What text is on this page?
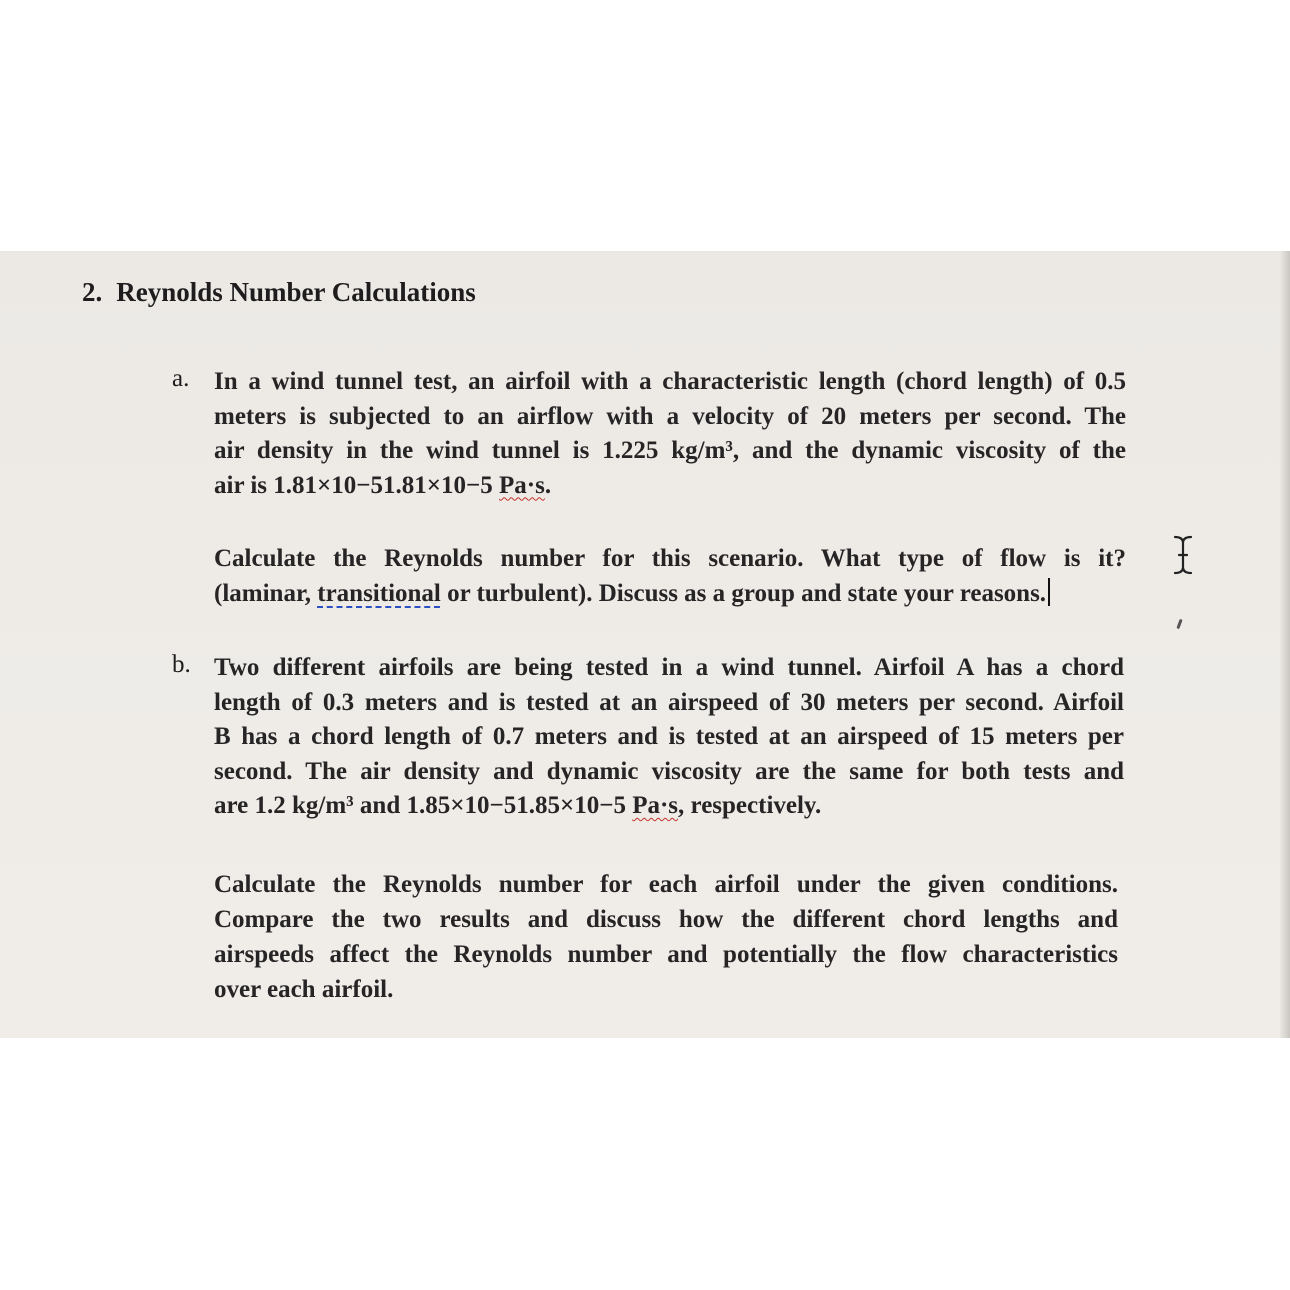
2. Reynolds Number Calculations
a. In a wind tunnel test, an airfoil with a characteristic length (chord length) of 0.5
meters is subjected to an airflow with a velocity of 20 meters per second. The
air density in the wind tunnel is 1.225 kg/m³, and the dynamic viscosity of the
air is 1.81×10−51.81×10−5 Pa·s.
Calculate the Reynolds number for this scenario. What type of flow is it?
(laminar, transitional or turbulent). Discuss as a group and state your reasons.
b. Two different airfoils are being tested in a wind tunnel. Airfoil A has a chord
length of 0.3 meters and is tested at an airspeed of 30 meters per second. Airfoil
B has a chord length of 0.7 meters and is tested at an airspeed of 15 meters per
second. The air density and dynamic viscosity are the same for both tests and
are 1.2 kg/m³ and 1.85×10−51.85×10−5 Pa·s, respectively.
Calculate the Reynolds number for each airfoil under the given conditions.
Compare the two results and discuss how the different chord lengths and
airspeeds affect the Reynolds number and potentially the flow characteristics
over each airfoil.
